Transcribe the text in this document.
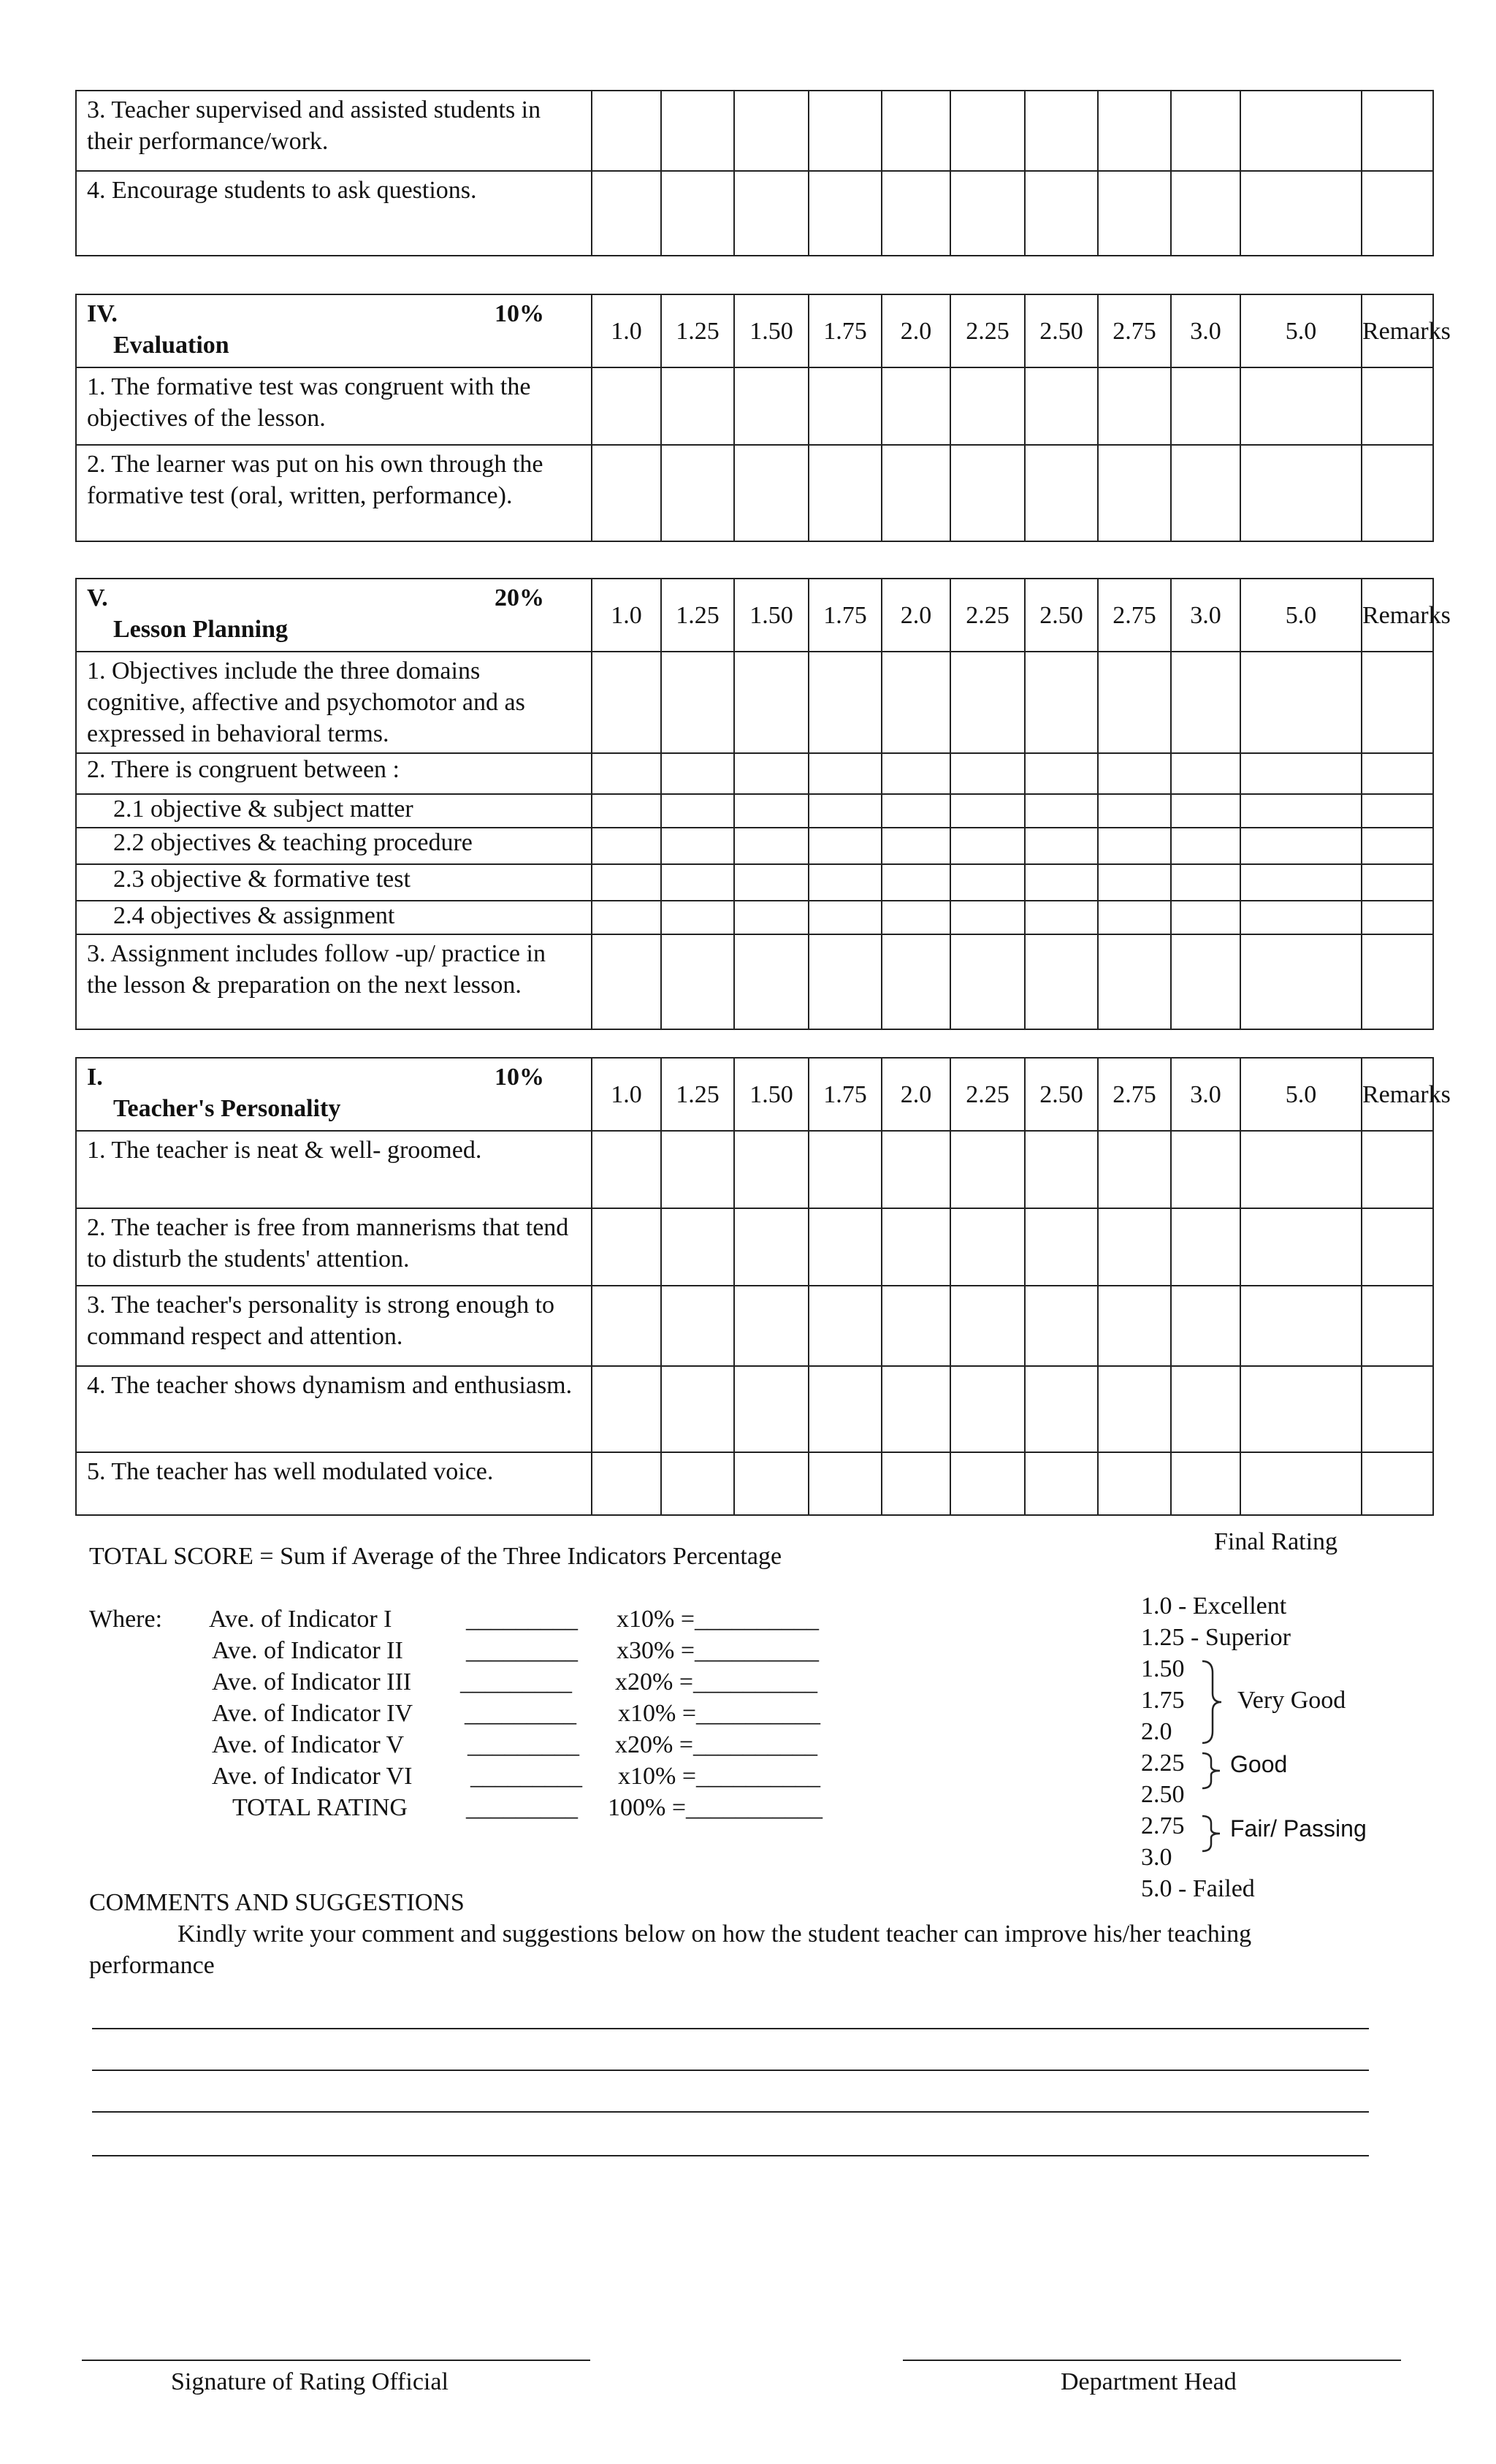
3. Teacher supervised and assisted students in their performance/work.											
4. Encourage students to ask questions.											
10%
IV.
Evaluation	1.0	1.25	1.50	1.75	2.0	2.25	2.50	2.75	3.0	5.0	Remarks
1. The formative test was congruent with the objectives of the lesson.											
2. The learner was put on his own through the formative test (oral, written, performance).											
20%
V.
Lesson Planning	1.0	1.25	1.50	1.75	2.0	2.25	2.50	2.75	3.0	5.0	Remarks
1. Objectives include the three domains cognitive, affective and psychomotor and as expressed in behavioral terms.											
2. There is congruent between :											
2.1 objective & subject matter											
2.2 objectives & teaching procedure											
2.3 objective & formative test											
2.4 objectives & assignment											
3. Assignment includes follow -up/ practice in the lesson & preparation on the next lesson.											
10%
I.
Teacher's Personality	1.0	1.25	1.50	1.75	2.0	2.25	2.50	2.75	3.0	5.0	Remarks
1. The teacher is neat & well- groomed.											
2. The teacher is free from mannerisms that tend to disturb the students' attention.											
3. The teacher's personality is strong enough to command respect and attention.											
4. The teacher shows dynamism and enthusiasm.											
5. The teacher has well modulated voice.											
TOTAL SCORE = Sum if Average of the Three Indicators Percentage
Where: Ave. of Indicator I	_________ x10% =__________
Ave. of Indicator II	_________ x30% =__________
Ave. of Indicator III _________ x20% =__________
Ave. of Indicator IV _________ x10% =__________
Ave. of Indicator V	_________ x20% =__________
Ave. of Indicator VI _________ x10% =__________
TOTAL RATING _________ 100% =___________
Final Rating
1.0 - Excellent
1.25 - Superior
1.50
1.75
2.0
Very Good
2.25 Good
2.50
2.75 Fair/ Passing
3.0
5.0 - Failed
COMMENTS AND SUGGESTIONS
Kindly write your comment and suggestions below on how the student teacher can improve his/her teaching
performance
Signature of Rating Official	Department Head
